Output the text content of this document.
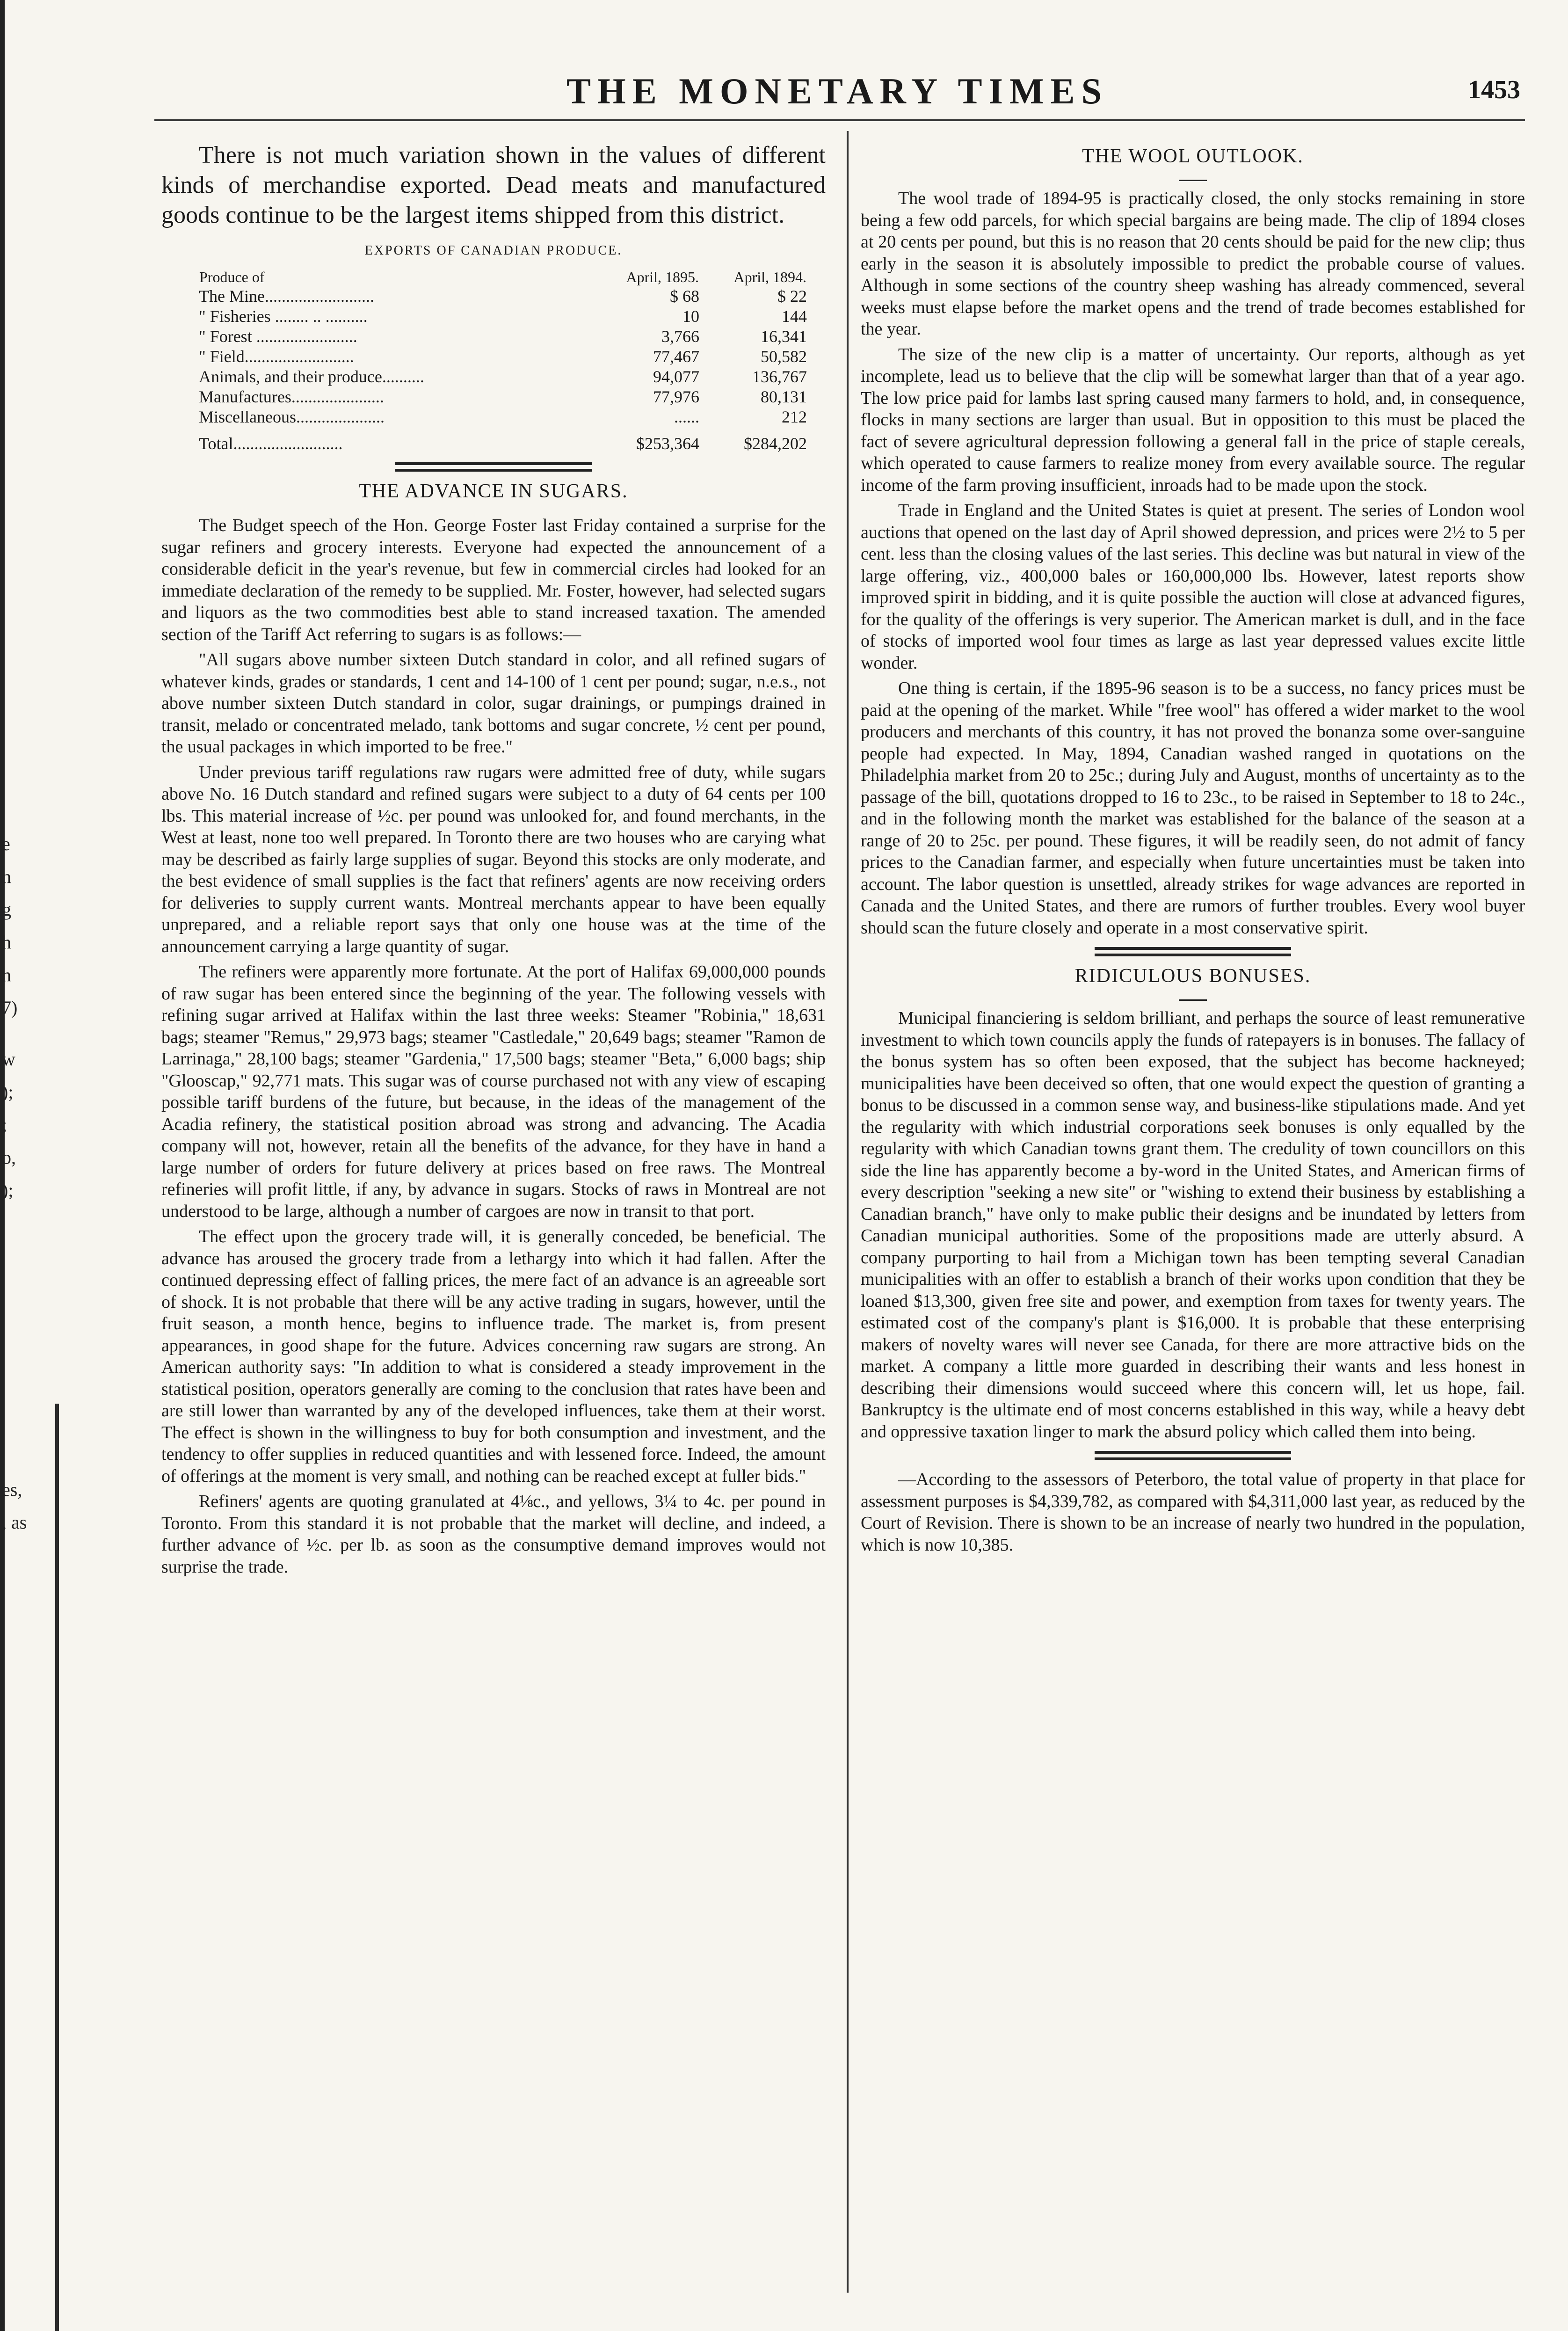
e
n
g
h
n
7)
w
);
;
o,
);
es,
, as
THE MONETARY TIMES	1453

There is not much variation shown in the values of different kinds of merchandise exported. Dead meats and manufactured goods continue to be the largest items shipped from this district.

EXPORTS OF CANADIAN PRODUCE.
Produce of	April, 1895.	April, 1894.
The Mine..........................	$ 68	$ 22
" Fisheries ........ .. ..........	10	144
" Forest ........................	3,766	16,341
" Field..........................	77,467	50,582
Animals, and their produce..........	94,077	136,767
Manufactures......................	77,976	80,131
Miscellaneous.....................	......	212
Total..........................	$253,364	$284,202
THE ADVANCE IN SUGARS.

The Budget speech of the Hon. George Foster last Friday contained a surprise for the sugar refiners and grocery interests. Everyone had expected the announcement of a considerable deficit in the year's revenue, but few in commercial circles had looked for an immediate declaration of the remedy to be supplied. Mr. Foster, however, had selected sugars and liquors as the two commodities best able to stand increased taxation. The amended section of the Tariff Act referring to sugars is as follows:—

"All sugars above number sixteen Dutch standard in color, and all refined sugars of whatever kinds, grades or standards, 1 cent and 14-100 of 1 cent per pound; sugar, n.e.s., not above number sixteen Dutch standard in color, sugar drainings, or pumpings drained in transit, melado or concentrated melado, tank bottoms and sugar concrete, ½ cent per pound, the usual packages in which imported to be free."

Under previous tariff regulations raw rugars were admitted free of duty, while sugars above No. 16 Dutch standard and refined sugars were subject to a duty of 64 cents per 100 lbs. This material increase of ½c. per pound was unlooked for, and found merchants, in the West at least, none too well prepared. In Toronto there are two houses who are carying what may be described as fairly large supplies of sugar. Beyond this stocks are only moderate, and the best evidence of small supplies is the fact that refiners' agents are now receiving orders for deliveries to supply current wants. Montreal merchants appear to have been equally unprepared, and a reliable report says that only one house was at the time of the announcement carrying a large quantity of sugar.

The refiners were apparently more fortunate. At the port of Halifax 69,000,000 pounds of raw sugar has been entered since the beginning of the year. The following vessels with refining sugar arrived at Halifax within the last three weeks: Steamer "Robinia," 18,631 bags; steamer "Remus," 29,973 bags; steamer "Castledale," 20,649 bags; steamer "Ramon de Larrinaga," 28,100 bags; steamer "Gardenia," 17,500 bags; steamer "Beta," 6,000 bags; ship "Glooscap," 92,771 mats. This sugar was of course purchased not with any view of escaping possible tariff burdens of the future, but because, in the ideas of the management of the Acadia refinery, the statistical position abroad was strong and advancing. The Acadia company will not, however, retain all the benefits of the advance, for they have in hand a large number of orders for future delivery at prices based on free raws. The Montreal refineries will profit little, if any, by advance in sugars. Stocks of raws in Montreal are not understood to be large, although a number of cargoes are now in transit to that port.

The effect upon the grocery trade will, it is generally conceded, be beneficial. The advance has aroused the grocery trade from a lethargy into which it had fallen. After the continued depressing effect of falling prices, the mere fact of an advance is an agreeable sort of shock. It is not probable that there will be any active trading in sugars, however, until the fruit season, a month hence, begins to influence trade. The market is, from present appearances, in good shape for the future. Advices concerning raw sugars are strong. An American authority says: "In addition to what is considered a steady improvement in the statistical position, operators generally are coming to the conclusion that rates have been and are still lower than warranted by any of the developed influences, take them at their worst. The effect is shown in the willingness to buy for both consumption and investment, and the tendency to offer supplies in reduced quantities and with lessened force. Indeed, the amount of offerings at the moment is very small, and nothing can be reached except at fuller bids."

Refiners' agents are quoting granulated at 4⅛c., and yellows, 3¼ to 4c. per pound in Toronto. From this standard it is not probable that the market will decline, and indeed, a further advance of ½c. per lb. as soon as the consumptive demand improves would not surprise the trade.

THE WOOL OUTLOOK.

The wool trade of 1894-95 is practically closed, the only stocks remaining in store being a few odd parcels, for which special bargains are being made. The clip of 1894 closes at 20 cents per pound, but this is no reason that 20 cents should be paid for the new clip; thus early in the season it is absolutely impossible to predict the probable course of values. Although in some sections of the country sheep washing has already commenced, several weeks must elapse before the market opens and the trend of trade becomes established for the year.

The size of the new clip is a matter of uncertainty. Our reports, although as yet incomplete, lead us to believe that the clip will be somewhat larger than that of a year ago. The low price paid for lambs last spring caused many farmers to hold, and, in consequence, flocks in many sections are larger than usual. But in opposition to this must be placed the fact of severe agricultural depression following a general fall in the price of staple cereals, which operated to cause farmers to realize money from every available source. The regular income of the farm proving insufficient, inroads had to be made upon the stock.

Trade in England and the United States is quiet at present. The series of London wool auctions that opened on the last day of April showed depression, and prices were 2½ to 5 per cent. less than the closing values of the last series. This decline was but natural in view of the large offering, viz., 400,000 bales or 160,000,000 lbs. However, latest reports show improved spirit in bidding, and it is quite possible the auction will close at advanced figures, for the quality of the offerings is very superior. The American market is dull, and in the face of stocks of imported wool four times as large as last year depressed values excite little wonder.

One thing is certain, if the 1895-96 season is to be a success, no fancy prices must be paid at the opening of the market. While "free wool" has offered a wider market to the wool producers and merchants of this country, it has not proved the bonanza some over-sanguine people had expected. In May, 1894, Canadian washed ranged in quotations on the Philadelphia market from 20 to 25c.; during July and August, months of uncertainty as to the passage of the bill, quotations dropped to 16 to 23c., to be raised in September to 18 to 24c., and in the following month the market was established for the balance of the season at a range of 20 to 25c. per pound. These figures, it will be readily seen, do not admit of fancy prices to the Canadian farmer, and especially when future uncertainties must be taken into account. The labor question is unsettled, already strikes for wage advances are reported in Canada and the United States, and there are rumors of further troubles. Every wool buyer should scan the future closely and operate in a most conservative spirit.

RIDICULOUS BONUSES.

Municipal financiering is seldom brilliant, and perhaps the source of least remunerative investment to which town councils apply the funds of ratepayers is in bonuses. The fallacy of the bonus system has so often been exposed, that the subject has become hackneyed; municipalities have been deceived so often, that one would expect the question of granting a bonus to be discussed in a common sense way, and business-like stipulations made. And yet the regularity with which industrial corporations seek bonuses is only equalled by the regularity with which Canadian towns grant them. The credulity of town councillors on this side the line has apparently become a by-word in the United States, and American firms of every description "seeking a new site" or "wishing to extend their business by establishing a Canadian branch," have only to make public their designs and be inundated by letters from Canadian municipal authorities. Some of the propositions made are utterly absurd. A company purporting to hail from a Michigan town has been tempting several Canadian municipalities with an offer to establish a branch of their works upon condition that they be loaned $13,300, given free site and power, and exemption from taxes for twenty years. The estimated cost of the company's plant is $16,000. It is probable that these enterprising makers of novelty wares will never see Canada, for there are more attractive bids on the market. A company a little more guarded in describing their wants and less honest in describing their dimensions would succeed where this concern will, let us hope, fail. Bankruptcy is the ultimate end of most concerns established in this way, while a heavy debt and oppressive taxation linger to mark the absurd policy which called them into being.

—According to the assessors of Peterboro, the total value of property in that place for assessment purposes is $4,339,782, as compared with $4,311,000 last year, as reduced by the Court of Revision. There is shown to be an increase of nearly two hundred in the population, which is now 10,385.
